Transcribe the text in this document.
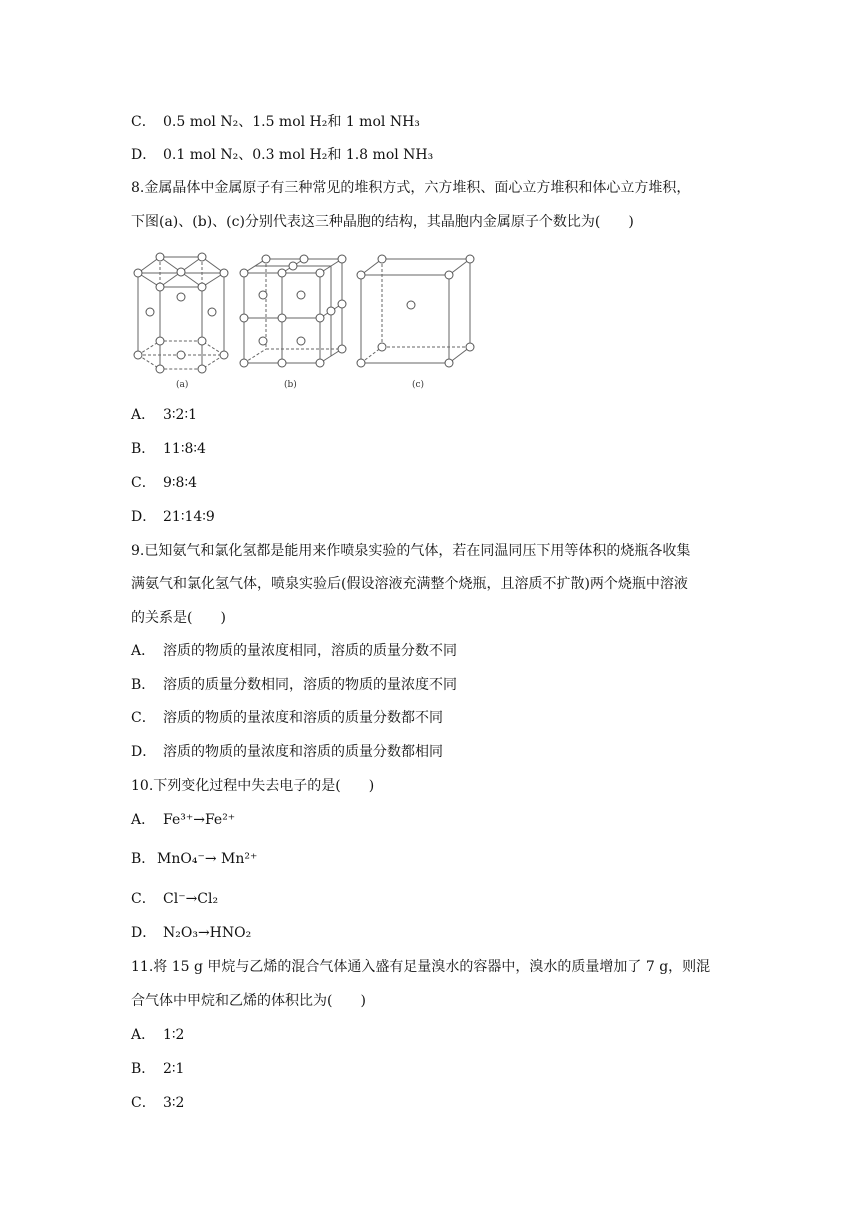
C． 0.5 mol N₂、1.5 mol H₂和 1 mol NH₃
D． 0.1 mol N₂、0.3 mol H₂和 1.8 mol NH₃
8.金属晶体中金属原子有三种常见的堆积方式，六方堆积、面心立方堆积和体心立方堆积，
下图(a)、(b)、(c)分别代表这三种晶胞的结构，其晶胞内金属原子个数比为(　　)
(a)	(b)	(c)
A． 3∶2∶1
B． 11∶8∶4
C． 9∶8∶4
D． 21∶14∶9
9.已知氨气和氯化氢都是能用来作喷泉实验的气体，若在同温同压下用等体积的烧瓶各收集
满氨气和氯化氢气体，喷泉实验后(假设溶液充满整个烧瓶，且溶质不扩散)两个烧瓶中溶液
的关系是(　　)
A． 溶质的物质的量浓度相同，溶质的质量分数不同
B． 溶质的质量分数相同，溶质的物质的量浓度不同
C． 溶质的物质的量浓度和溶质的质量分数都不同
D． 溶质的物质的量浓度和溶质的质量分数都相同
10.下列变化过程中失去电子的是(　　)
A． Fe³⁺→Fe²⁺
B． MnO₄⁻→ Mn²⁺
C． Cl⁻→Cl₂
D． N₂O₃→HNO₂
11.将 15 g 甲烷与乙烯的混合气体通入盛有足量溴水的容器中，溴水的质量增加了 7 g，则混
合气体中甲烷和乙烯的体积比为(　　)
A． 1∶2
B． 2∶1
C． 3∶2
